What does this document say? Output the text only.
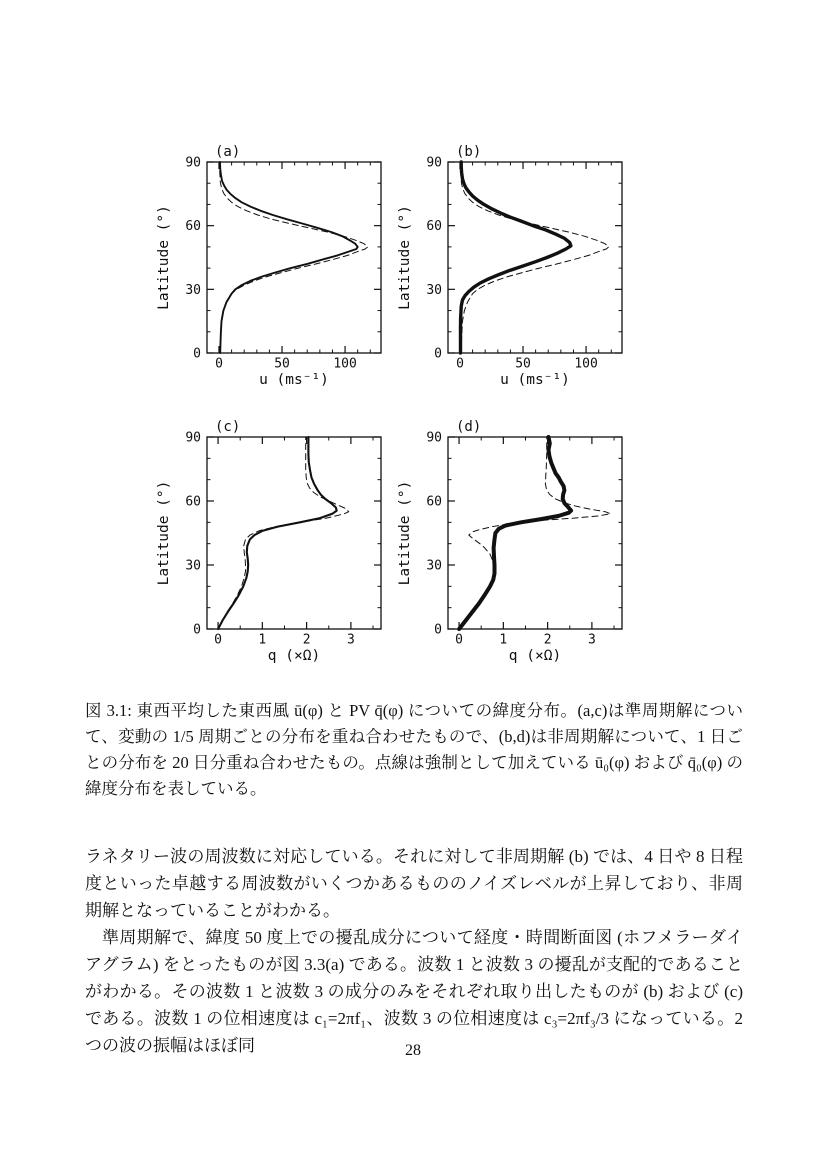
0	50	100
0
30
60
90
(a)
u (ms⁻¹)
Latitude (°)
0	50	100
0
30
60
90
(b)
u (ms⁻¹)
Latitude (°)
0	1	2	3
0
30
60
90
(c)
q (×Ω)
Latitude (°)
0	1	2	3
0
30
60
90
(d)
q (×Ω)
Latitude (°)
図 3.1: 東西平均した東西風 ū(φ) と PV q̄(φ) についての緯度分布。(a,c)は準周期解について、変動の 1/5 周期ごとの分布を重ね合わせたもので、(b,d)は非周期解について、1 日ごとの分布を 20 日分重ね合わせたもの。点線は強制として加えている ū₀(φ) および q̄₀(φ) の緯度分布を表している。

ラネタリー波の周波数に対応している。それに対して非周期解 (b) では、4 日や 8 日程度といった卓越する周波数がいくつかあるもののノイズレベルが上昇しており、非周期解となっていることがわかる。

準周期解で、緯度 50 度上での擾乱成分について経度・時間断面図 (ホフメラーダイアグラム) をとったものが図 3.3(a) である。波数 1 と波数 3 の擾乱が支配的であることがわかる。その波数 1 と波数 3 の成分のみをそれぞれ取り出したものが (b) および (c) である。波数 1 の位相速度は c₁=2πf₁、波数 3 の位相速度は c₃=2πf₃/3 になっている。2 つの波の振幅はほぼ同	28
